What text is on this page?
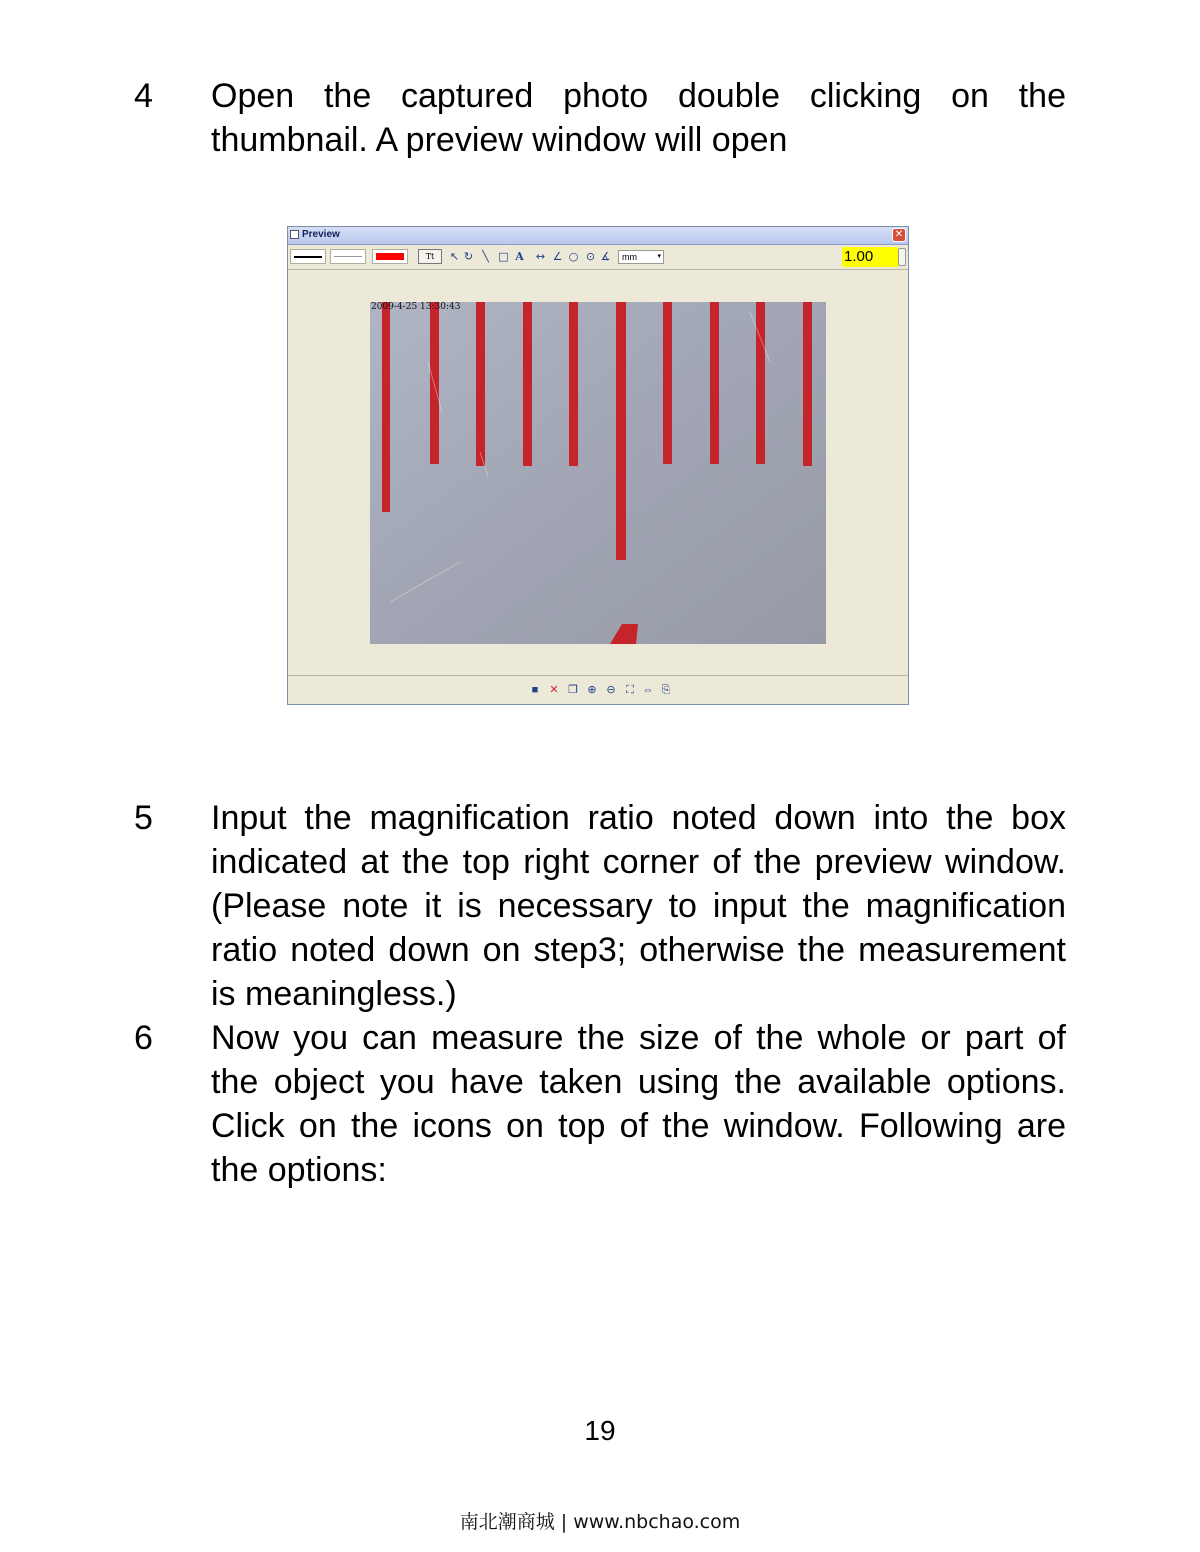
4 Open the captured photo double clicking on the thumbnail. A preview window will open
Preview	✕
Tt	↖ ↻ ╲ □ A ↔ ∠ ○ ⊙ ∡	mm	▾	1.00
2009-4-25 13:30:43
■	✕ ❐ ⊕ ⊖ ⛶ ⇔ ⎘
5 Input the magnification ratio noted down into the box indicated at the top right corner of the preview window. (Please note it is necessary to input the magnification ratio noted down on step3; otherwise the measurement is meaningless.)
6 Now you can measure the size of the whole or part of the object you have taken using the available options. Click on the icons on top of the window. Following are the options:
19
南北潮商城 | www.nbchao.com
